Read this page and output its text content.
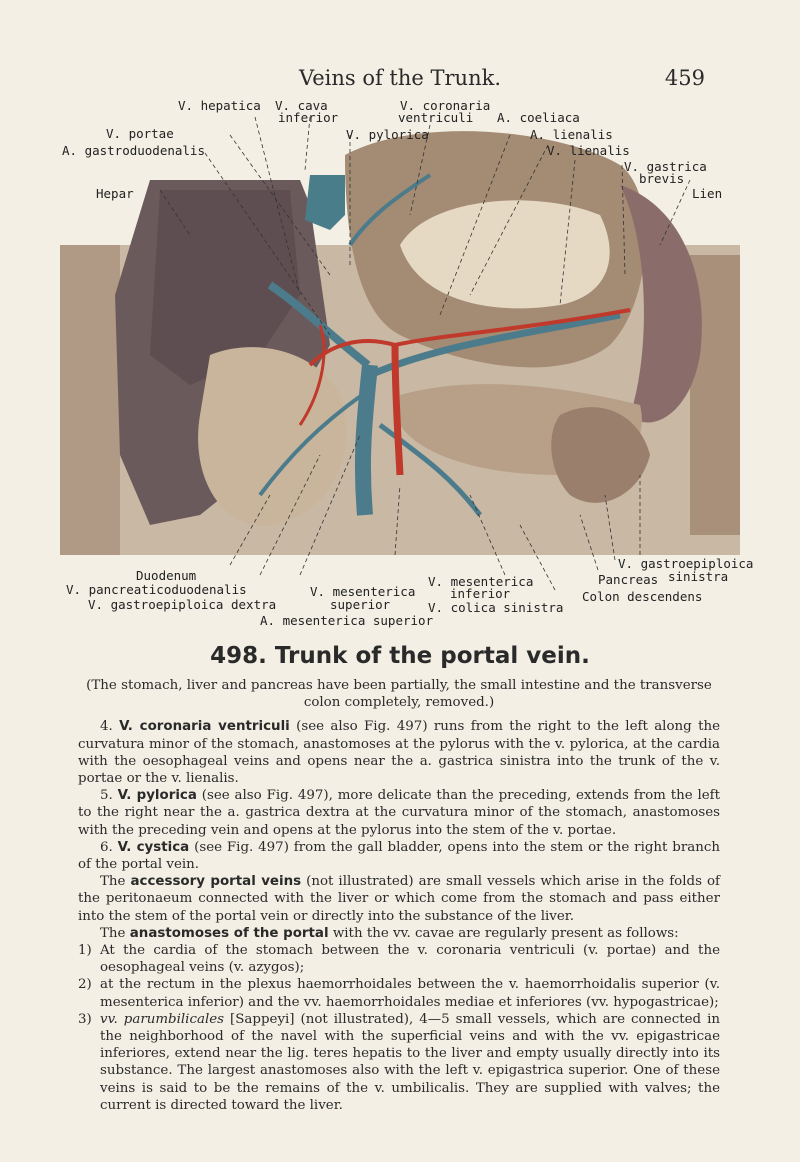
Veins of the Trunk.	459
V. hepatica V. cava
inferior
V. coronaria
ventriculi A. coeliaca
V. portae	V. pylorica	A. lienalis
A. gastroduodenalis	V. lienalis
V. gastrica
brevis
Hepar	Lien
Duodenum
V. pancreaticoduodenalis
V. gastroepiploica dextra
V. mesenterica
superior
A. mesenterica superior
V. mesenterica
inferior
V. colica sinistra
Pancreas
Colon descendens
V. gastroepiploica
sinistra
498. Trunk of the portal vein.

(The stomach, liver and pancreas have been partially, the small intestine and the transverse colon completely, removed.)

4. V. coronaria ventriculi (see also Fig. 497) runs from the right to the left along the curvatura minor of the stomach, anastomoses at the pylorus with the v. pylorica, at the cardia with the oesophageal veins and opens near the a. gastrica sinistra into the trunk of the v. portae or the v. lienalis.

5. V. pylorica (see also Fig. 497), more delicate than the preceding, extends from the left to the right near the a. gastrica dextra at the curvatura minor of the stomach, anastomoses with the preceding vein and opens at the pylorus into the stem of the v. portae.

6. V. cystica (see Fig. 497) from the gall bladder, opens into the stem or the right branch of the portal vein.

The accessory portal veins (not illustrated) are small vessels which arise in the folds of the peritonaeum connected with the liver or which come from the stomach and pass either into the stem of the portal vein or directly into the substance of the liver.

The anastomoses of the portal with the vv. cavae are regularly present as follows:

1) At the cardia of the stomach between the v. coronaria ventriculi (v. portae) and the oesophageal veins (v. azygos);

2) at the rectum in the plexus haemorrhoidales between the v. haemorrhoidalis superior (v. mesenterica inferior) and the vv. haemorrhoidales mediae et inferiores (vv. hypogastricae);

3) vv. parumbilicales [Sappeyi] (not illustrated), 4—5 small vessels, which are connected in the neighborhood of the navel with the superficial veins and with the vv. epigastricae inferiores, extend near the lig. teres hepatis to the liver and empty usually directly into its substance. The largest anastomoses also with the left v. epigastrica superior. One of these veins is said to be the remains of the v. umbilicalis. They are supplied with valves; the current is directed toward the liver.
